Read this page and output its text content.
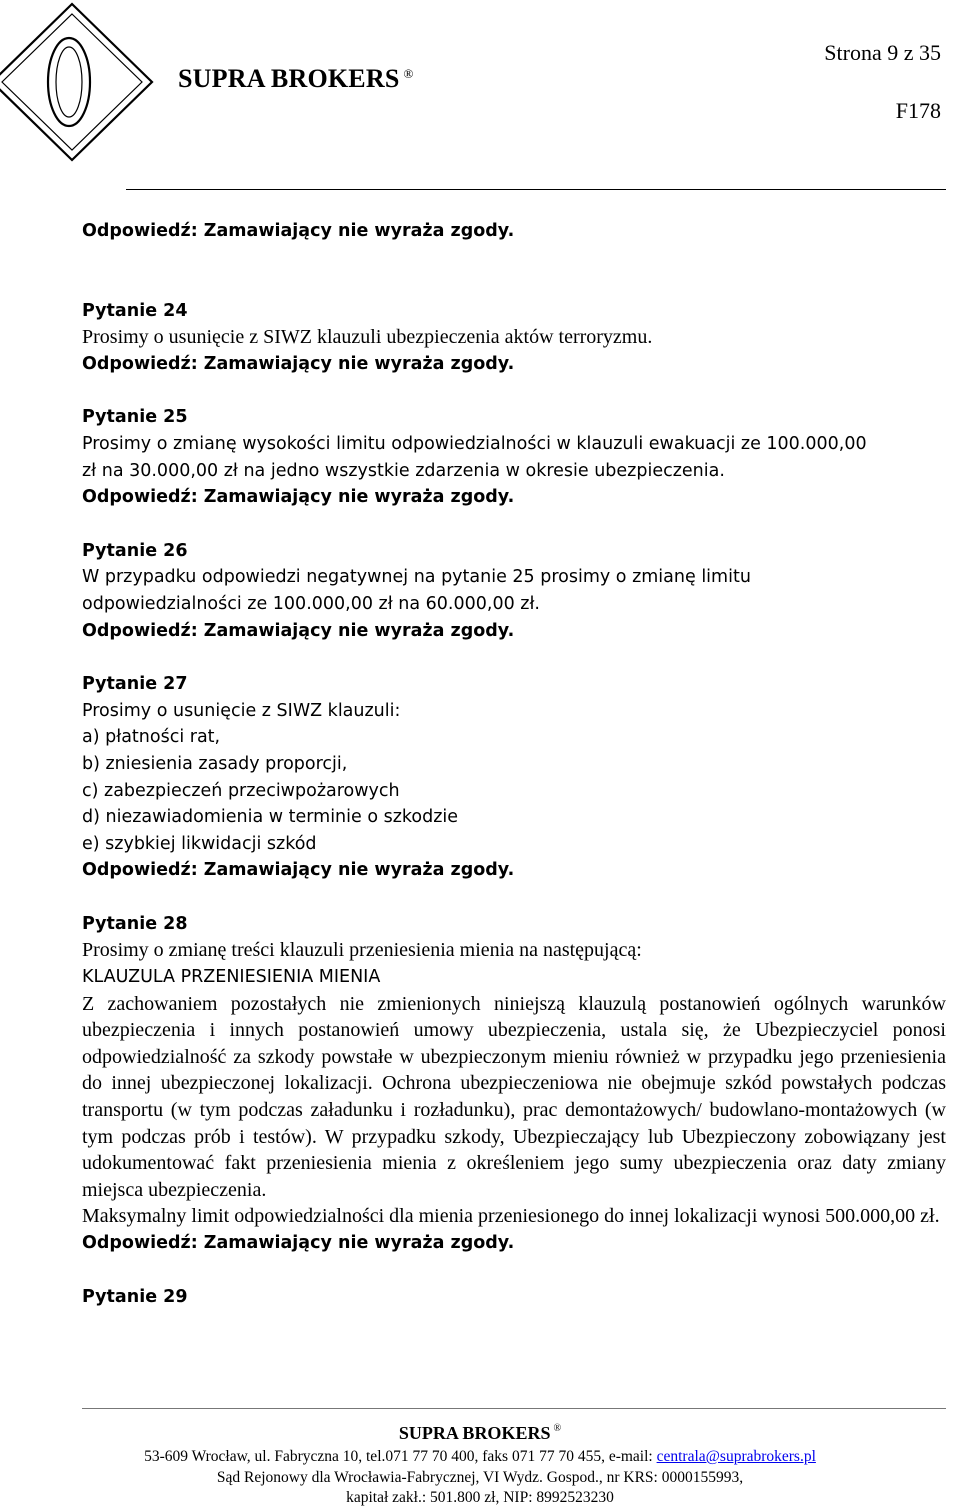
SUPRA BROKERS ®
Strona 9 z 35
F178

Odpowiedź: Zamawiający nie wyraża zgody.

Pytanie 24

Prosimy o usunięcie z SIWZ klauzuli ubezpieczenia aktów terroryzmu.

Odpowiedź: Zamawiający nie wyraża zgody.

Pytanie 25

Prosimy o zmianę wysokości limitu odpowiedzialności w klauzuli ewakuacji ze 100.000,00

zł na 30.000,00 zł na jedno wszystkie zdarzenia w okresie ubezpieczenia.

Odpowiedź: Zamawiający nie wyraża zgody.

Pytanie 26

W przypadku odpowiedzi negatywnej na pytanie 25 prosimy o zmianę limitu

odpowiedzialności ze 100.000,00 zł na 60.000,00 zł.

Odpowiedź: Zamawiający nie wyraża zgody.

Pytanie 27

Prosimy o usunięcie z SIWZ klauzuli:

a) płatności rat,

b) zniesienia zasady proporcji,

c) zabezpieczeń przeciwpożarowych

d) niezawiadomienia w terminie o szkodzie

e) szybkiej likwidacji szkód

Odpowiedź: Zamawiający nie wyraża zgody.

Pytanie 28

Prosimy o zmianę treści klauzuli przeniesienia mienia na następującą:

KLAUZULA PRZENIESIENIA MIENIA

Z zachowaniem pozostałych nie zmienionych niniejszą klauzulą postanowień ogólnych warunków ubezpieczenia i innych postanowień umowy ubezpieczenia, ustala się, że Ubezpieczyciel ponosi odpowiedzialność za szkody powstałe w ubezpieczonym mieniu również w przypadku jego przeniesienia do innej ubezpieczonej lokalizacji. Ochrona ubezpieczeniowa nie obejmuje szkód powstałych podczas transportu (w tym podczas załadunku i rozładunku), prac demontażowych/ budowlano-montażowych (w tym podczas prób i testów). W przypadku szkody, Ubezpieczający lub Ubezpieczony zobowiązany jest udokumentować fakt przeniesienia mienia z określeniem jego sumy ubezpieczenia oraz daty zmiany miejsca ubezpieczenia.

Maksymalny limit odpowiedzialności dla mienia przeniesionego do innej lokalizacji wynosi 500.000,00 zł.

Odpowiedź: Zamawiający nie wyraża zgody.

Pytanie 29

SUPRA BROKERS ®
53-609 Wrocław, ul. Fabryczna 10, tel.071 77 70 400, faks 071 77 70 455, e-mail: centrala@suprabrokers.pl
Sąd Rejonowy dla Wrocławia-Fabrycznej, VI Wydz. Gospod., nr KRS: 0000155993,
kapitał zakł.: 501.800 zł, NIP: 8992523230
